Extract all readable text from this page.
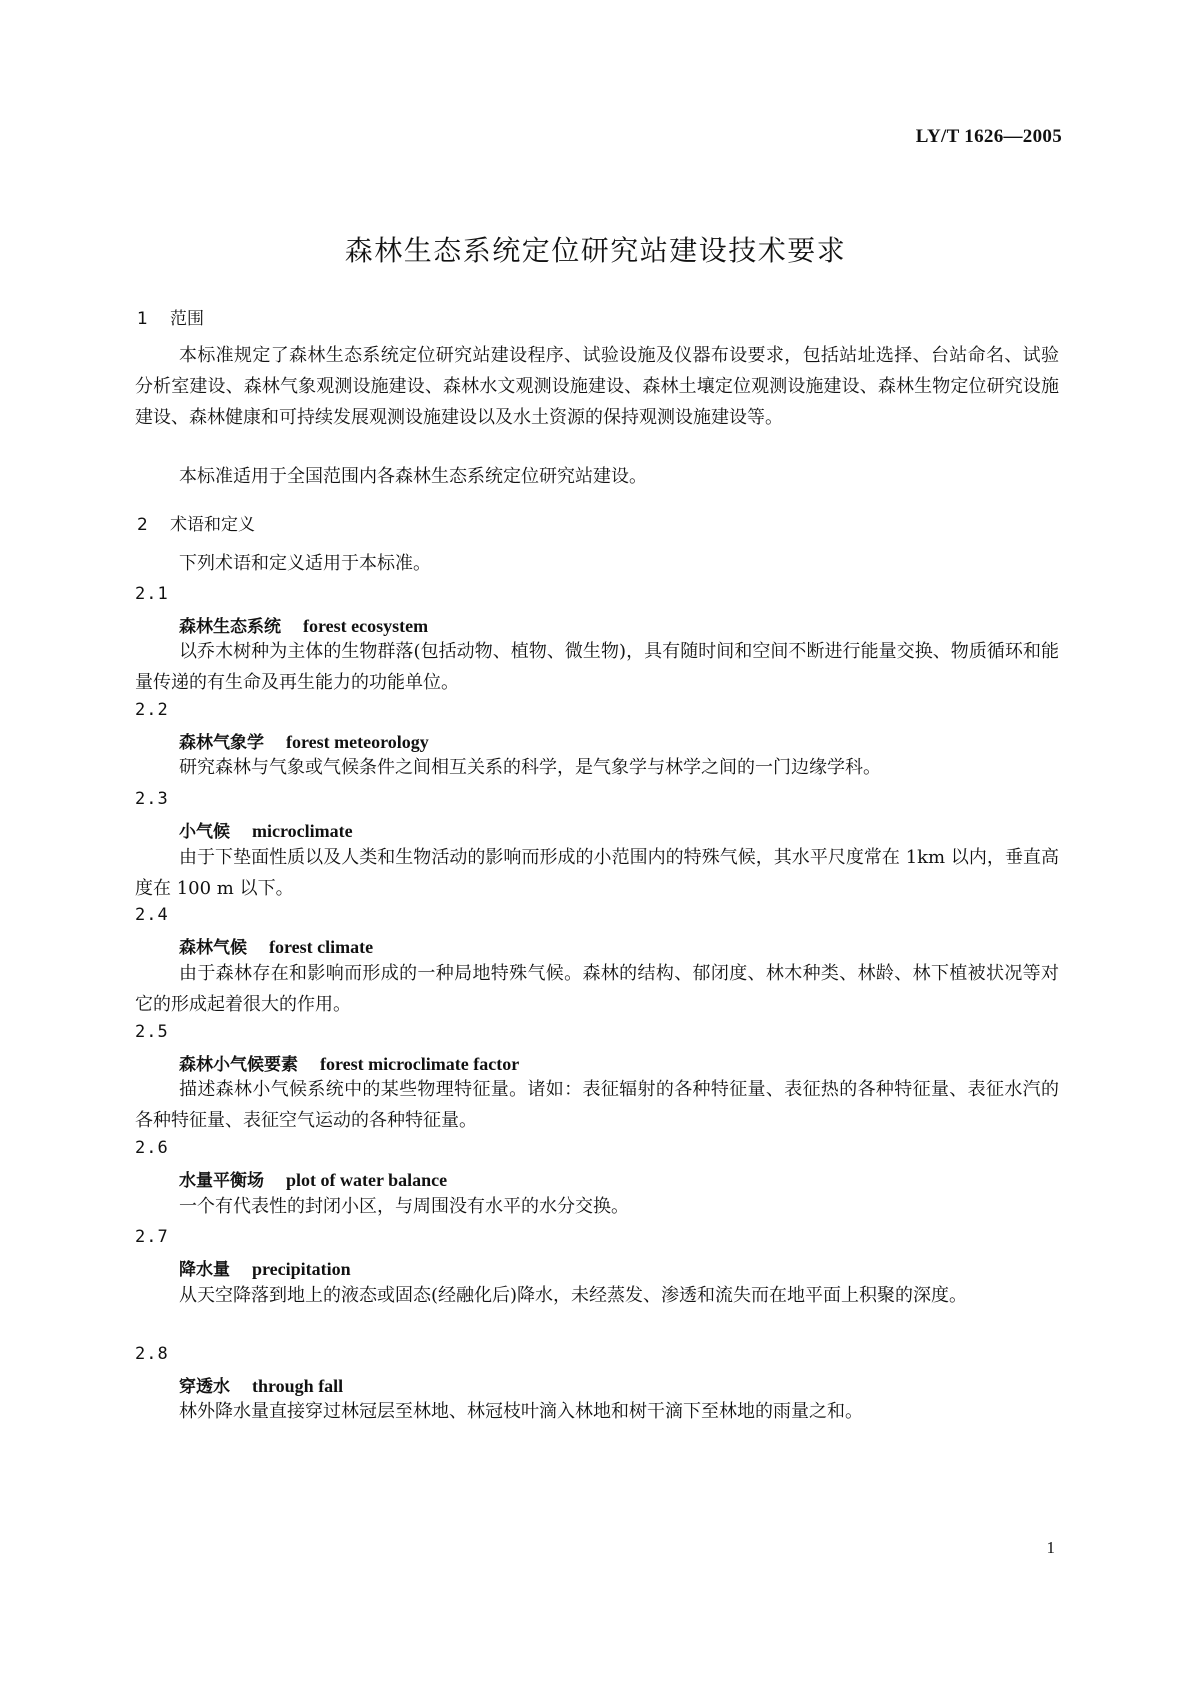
LY/T 1626—2005
森林生态系统定位研究站建设技术要求
1 范围

本标准规定了森林生态系统定位研究站建设程序、试验设施及仪器布设要求，包括站址选择、台站命名、试验分析室建设、森林气象观测设施建设、森林水文观测设施建设、森林土壤定位观测设施建设、森林生物定位研究设施建设、森林健康和可持续发展观测设施建设以及水土资源的保持观测设施建设等。

本标准适用于全国范围内各森林生态系统定位研究站建设。

2 术语和定义

下列术语和定义适用于本标准。

2.1
森林生态系统 forest ecosystem

以乔木树种为主体的生物群落(包括动物、植物、微生物)，具有随时间和空间不断进行能量交换、物质循环和能量传递的有生命及再生能力的功能单位。

2.2
森林气象学 forest meteorology

研究森林与气象或气候条件之间相互关系的科学，是气象学与林学之间的一门边缘学科。

2.3
小气候 microclimate

由于下垫面性质以及人类和生物活动的影响而形成的小范围内的特殊气候，其水平尺度常在 1km 以内，垂直高度在 100 m 以下。

2.4
森林气候 forest climate

由于森林存在和影响而形成的一种局地特殊气候。森林的结构、郁闭度、林木种类、林龄、林下植被状况等对它的形成起着很大的作用。

2.5
森林小气候要素 forest microclimate factor

描述森林小气候系统中的某些物理特征量。诸如：表征辐射的各种特征量、表征热的各种特征量、表征水汽的各种特征量、表征空气运动的各种特征量。

2.6
水量平衡场 plot of water balance

一个有代表性的封闭小区，与周围没有水平的水分交换。

2.7
降水量 precipitation

从天空降落到地上的液态或固态(经融化后)降水，未经蒸发、渗透和流失而在地平面上积聚的深度。

2.8
穿透水 through fall

林外降水量直接穿过林冠层至林地、林冠枝叶滴入林地和树干滴下至林地的雨量之和。

1
